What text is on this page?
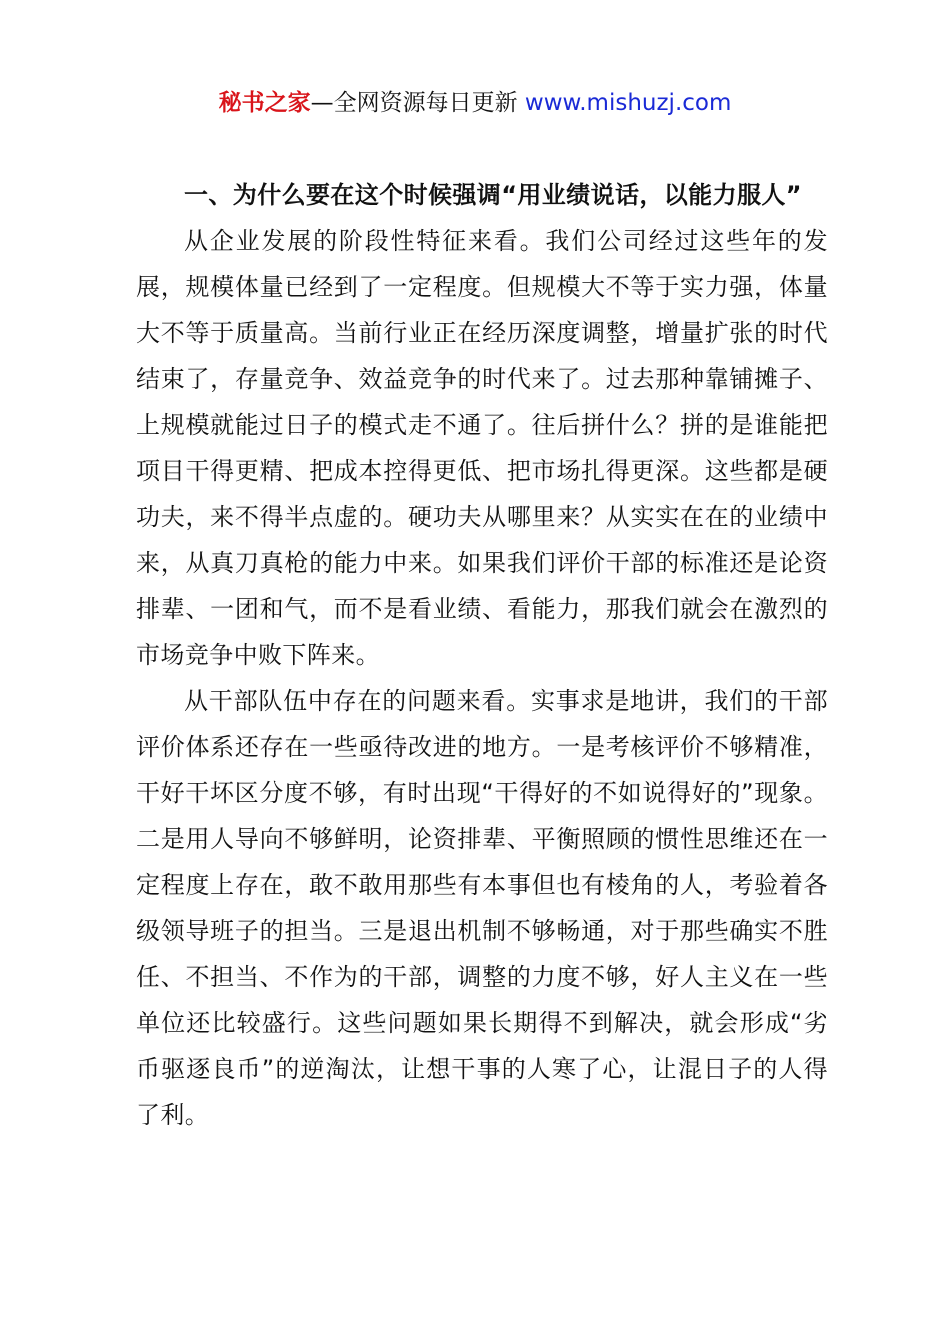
秘书之家—全网资源每日更新 www.mishuzj.com

一、为什么要在这个时候强调“用业绩说话，以能力服人”

从企业发展的阶段性特征来看。我们公司经过这些年的发展，规模体量已经到了一定程度。但规模大不等于实力强，体量大不等于质量高。当前行业正在经历深度调整，增量扩张的时代结束了，存量竞争、效益竞争的时代来了。过去那种靠铺摊子、上规模就能过日子的模式走不通了。往后拼什么？拼的是谁能把项目干得更精、把成本控得更低、把市场扎得更深。这些都是硬功夫，来不得半点虚的。硬功夫从哪里来？从实实在在的业绩中来，从真刀真枪的能力中来。如果我们评价干部的标准还是论资排辈、一团和气，而不是看业绩、看能力，那我们就会在激烈的市场竞争中败下阵来。

从干部队伍中存在的问题来看。实事求是地讲，我们的干部评价体系还存在一些亟待改进的地方。一是考核评价不够精准，干好干坏区分度不够，有时出现“干得好的不如说得好的”现象。二是用人导向不够鲜明，论资排辈、平衡照顾的惯性思维还在一定程度上存在，敢不敢用那些有本事但也有棱角的人，考验着各级领导班子的担当。三是退出机制不够畅通，对于那些确实不胜任、不担当、不作为的干部，调整的力度不够，好人主义在一些单位还比较盛行。这些问题如果长期得不到解决，就会形成“劣币驱逐良币”的逆淘汰，让想干事的人寒了心，让混日子的人得了利。
